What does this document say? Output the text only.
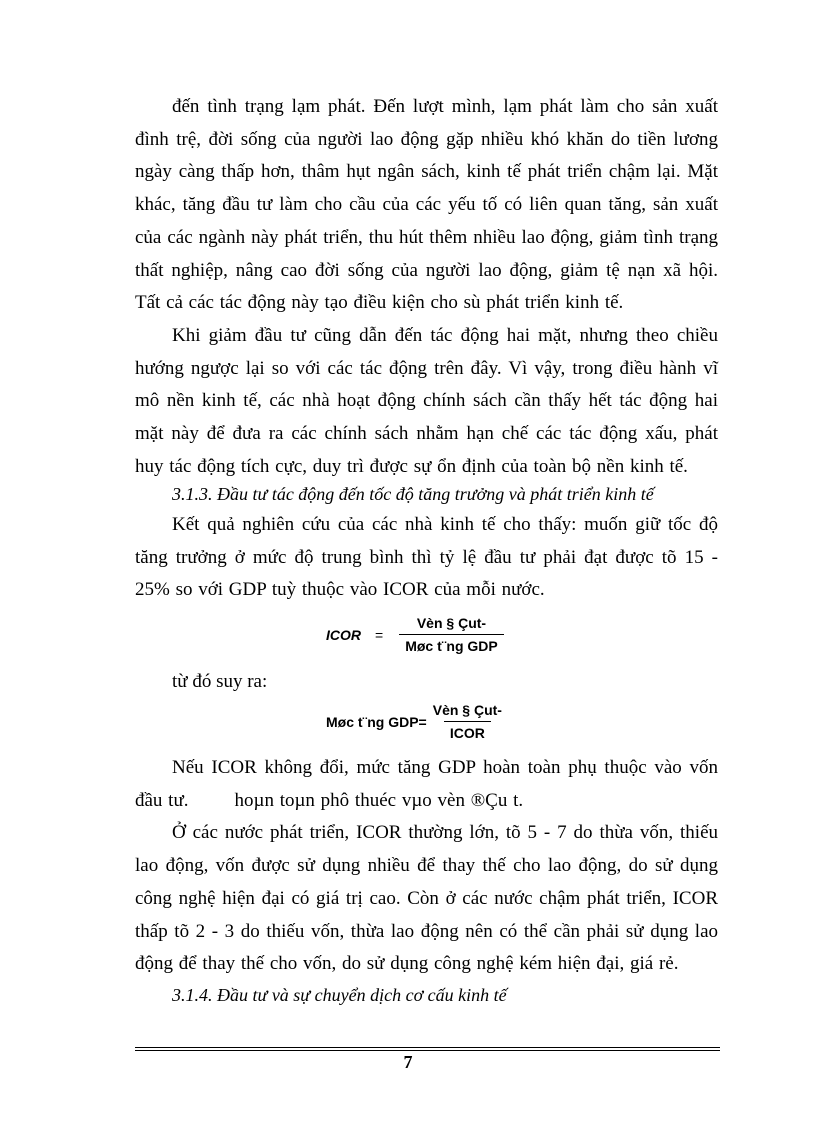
đến tình trạng lạm phát. Đến lượt mình, lạm phát làm cho sản xuất đình trệ, đời sống của người lao động gặp nhiều khó khăn do tiền lương ngày càng thấp hơn, thâm hụt ngân sách, kinh tế phát triển chậm lại. Mặt khác, tăng đầu tư làm cho cầu của các yếu tố có liên quan tăng, sản xuất của các ngành này phát triển, thu hút thêm nhiều lao động, giảm tình trạng thất nghiệp, nâng cao đời sống của người lao động, giảm tệ nạn xã hội. Tất cả các tác động này tạo điều kiện cho sù phát triển kinh tế.

Khi giảm đầu tư cũng dẫn đến tác động hai mặt, nhưng theo chiều hướng ngược lại so với các tác động trên đây. Vì vậy, trong điều hành vĩ mô nền kinh tế, các nhà hoạt động chính sách cần thấy hết tác động hai mặt này để đưa ra các chính sách nhằm hạn chế các tác động xấu, phát huy tác động tích cực, duy trì được sự ổn định của toàn bộ nền kinh tế.

3.1.3. Đầu tư tác động đến tốc độ tăng trưởng và phát triển kinh tế

Kết quả nghiên cứu của các nhà kinh tế cho thấy: muốn giữ tốc độ tăng trưởng ở mức độ trung bình thì tỷ lệ đầu tư phải đạt được tõ 15 - 25% so với GDP tuỳ thuộc vào ICOR của mỗi nước.

ICOR = $\frac{\text{Vèn § Çut-}}{\text{Møc t¨ng GDP}}$

từ đó suy ra:

Møc t¨ng $GDP= \frac{\text{Vèn § Çut-}}{\text{ICOR}}$

Nếu ICOR không đổi, mức tăng GDP hoàn toàn phụ thuộc vào vốn đầu tư.        hoµn toµn phô thuéc vµo vèn ®Çu t.

Ở các nước phát triển, ICOR thường lớn, tõ 5 - 7 do thừa vốn, thiếu lao động, vốn được sử dụng nhiều để thay thế cho lao động, do sử dụng công nghệ hiện đại có giá trị cao. Còn ở các nước chậm phát triển, ICOR thấp tõ 2 - 3 do thiếu vốn, thừa lao động nên có thể cần phải sử dụng lao động để thay thế cho vốn, do sử dụng công nghệ kém hiện đại, giá rẻ.

3.1.4. Đầu tư và sự chuyển dịch cơ cấu kinh tế

7
